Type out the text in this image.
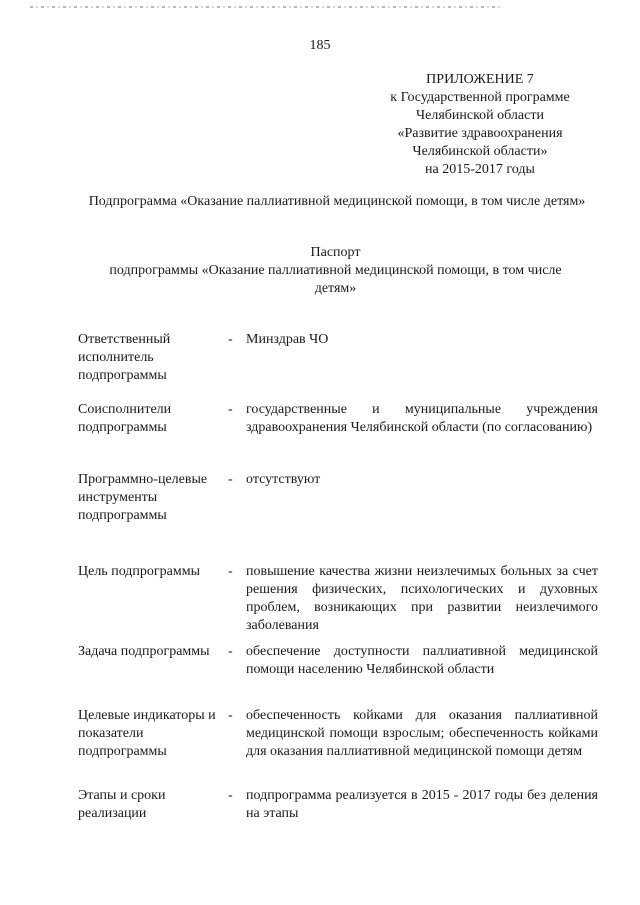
185
ПРИЛОЖЕНИЕ 7
к Государственной программе
Челябинской области
«Развитие здравоохранения
Челябинской области»
на 2015-2017 годы
Подпрограмма «Оказание паллиативной медицинской помощи, в том числе детям»
Паспорт
подпрограммы «Оказание паллиативной медицинской помощи, в том числе детям»
Ответственный исполнитель подпрограммы
- Минздрав ЧО
Соисполнители подпрограммы
- государственные и муниципальные учреждения здравоохранения Челябинской области (по согласованию)
Программно-целевые инструменты подпрограммы
- отсутствуют
Цель подпрограммы	- повышение качества жизни неизлечимых больных за счет решения физических, психологических и духовных проблем, возникающих при развитии неизлечимого заболевания
Задача подпрограммы	- обеспечение доступности паллиативной медицинской помощи населению Челябинской области
Целевые индикаторы и показатели подпрограммы
- обеспеченность койками для оказания паллиативной медицинской помощи взрослым; обеспеченность койками для оказания паллиативной медицинской помощи детям
Этапы и сроки реализации
- подпрограмма реализуется в 2015 - 2017 годы без деления на этапы
